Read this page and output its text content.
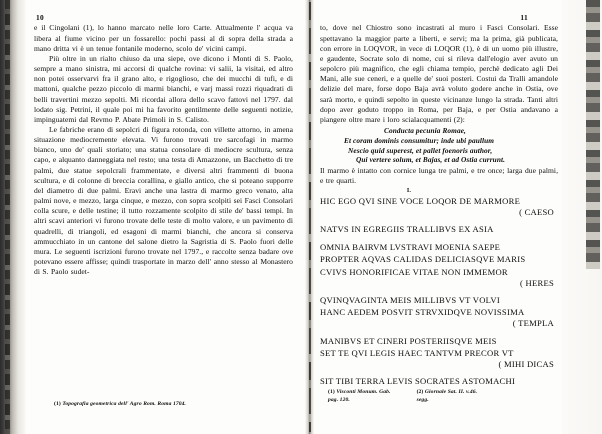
10

e il Cingolani (1), lo hanno marcato nelle loro Carte. Attualmente l' acqua va libera al fiume vicino per un fossarello: pochi passi al di sopra della strada a mano dritta vi è un tenue fontanile moderno, scolo de' vicini campi.

Più oltre in un rialto chiuso da una siepe, ove dicono i Monti di S. Paolo, sempre a mano sinistra, mi accorsi di qualche rovina: vi salii, la visitai, ed altro non potei osservarvi fra il grano alto, e rigoglioso, che dei mucchi di tufi, e di mattoni, qualche pezzo piccolo di marmi bianchi, e varj massi rozzi riquadrati di belli travertini mezzo sepolti. Mi ricordai allora dello scavo fattovi nel 1797. dal lodato sig. Petrini, il quale poi mi ha favorito gentilmente delle seguenti notizie, impinguatemi dal Revmo P. Abate Primoli in S. Calisto.

Le fabriche erano di sepolcri di figura rotonda, con villette attorno, in amena situazione mediocremente elevata. Vi furono trovati tre sarcofagi in marmo bianco, uno de' quali storiato; una statua consolare di mediocre scultura, senza capo, e alquanto danneggiata nel resto; una testa di Amazzone, un Bacchetto di tre palmi, due statue sepolcrali frammentate, e diversi altri frammenti di buona scultura, e di colonne di breccia corallina, e giallo antico, che si poteano supporre del diametro di due palmi. Eravi anche una lastra di marmo greco venato, alta palmi nove, e mezzo, larga cinque, e mezzo, con sopra scolpiti sei Fasci Consolari colla scure, e delle testine; il tutto rozzamente scolpito di stile de' bassi tempi. In altri scavi anteriori vi furono trovate delle teste di molto valore, e un pavimento di quadrelli, di triangoli, ed esagoni di marmi bianchi, che ancora si conserva ammucchiato in un cantone del salone dietro la Sagristia di S. Paolo fuori delle mura. Le seguenti iscrizioni furono trovate nel 1797., e raccolte senza badare ove potevano essere affisse; quindi trasportate in marzo dell' anno stesso al Monastero di S. Paolo sudet-

(1) Topografia geometrica dell' Agro Rom. Roma 1704.
11

to, dove nel Chiostro sono incastrati al muro i Fasci Consolari. Esse spettavano la maggior parte a liberti, e servi; ma la prima, già publicata, con errore in LOQVOR, in vece di LOQOR (1), è di un uomo più illustre, e gaudente, Socrate solo di nome, cui si rileva dall'elogio aver avuto un sepolcro più magnifico, che egli chiama tempio, perchè dedicato agli Dei Mani, alle sue ceneri, e a quelle de' suoi posteri. Costui da Tralli amandole delizie del mare, forse dopo Baja avrà voluto godere anche in Ostia, ove sarà morto, e quindi sepolto in queste vicinanze lungo la strada. Tanti altri dopo aver goduto troppo in Roma, per Baja, e per Ostia andavano a piangere oltre mare i loro scialacquamenti (2):

Conducta pecunia Romae,
Et coram dominis consumitur; inde ubi paullum
Nescio quid superest, et pallet foenoris author,
Qui vertere solum, et Bajas, et ad Ostia currunt.

Il marmo è intatto con cornice lunga tre palmi, e tre once; larga due palmi, e tre quarti.

I.
HIC EGO QVI SINE VOCE LOQOR DE MARMORE
( CAESO
NATVS IN EGREGIIS TRALLIBVS EX ASIA
OMNIA BAIRVM LVSTRAVI MOENIA SAEPE
PROPTER AQVAS CALIDAS DELICIASQVE MARIS
CVIVS HONORIFICAE VITAE NON IMMEMOR
( HERES
QVINQVAGINTA MEIS MILLIBVS VT VOLVI
HANC AEDEM POSVIT STRVXIDQVE NOVISSIMA
( TEMPLA
MANIBVS ET CINERI POSTERIISQVE MEIS
SET TE QVI LEGIS HAEC TANTVM PRECOR VT
( MIHI DICAS
SIT TIBI TERRA LEVIS SOCRATES ASTOMACHI
(1) Visconti Monum. Gab.
pag. 120.
(2) Giornale Sat. II. v.46.
segg.
